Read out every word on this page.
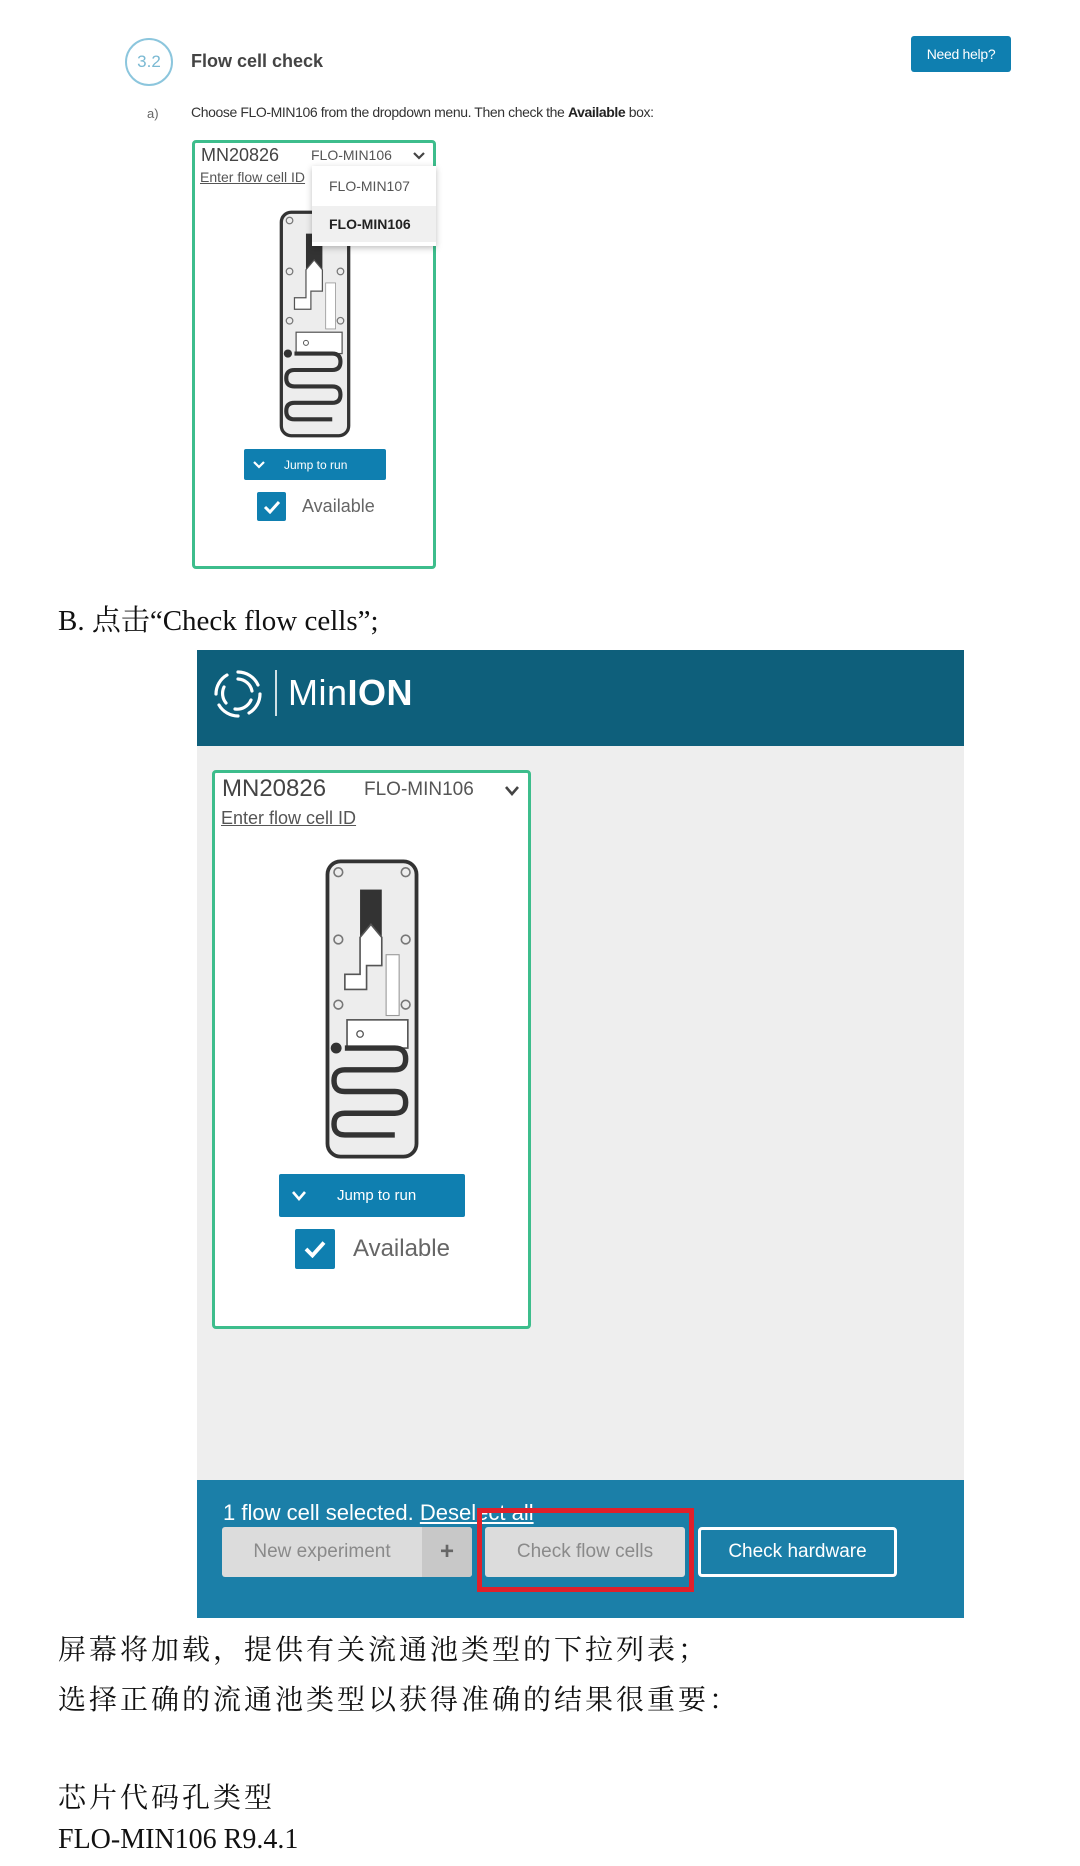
3.2 Flow cell check	Need help?
a) Choose FLO-MIN106 from the dropdown menu. Then check the Available box:
MN20826 FLO-MIN106
Enter flow cell ID
Jump to run
Available
FLO-MIN107
FLO-MIN106
B. 点击“Check flow cells”;
MinION
MN20826 FLO-MIN106
Enter flow cell ID
Jump to run
Available
1 flow cell selected. Deselect all
New experiment	+	Check flow cells	Check hardware
屏幕将加载，提供有关流通池类型的下拉列表；
选择正确的流通池类型以获得准确的结果很重要：
芯片代码孔类型
FLO-MIN106 R9.4.1
